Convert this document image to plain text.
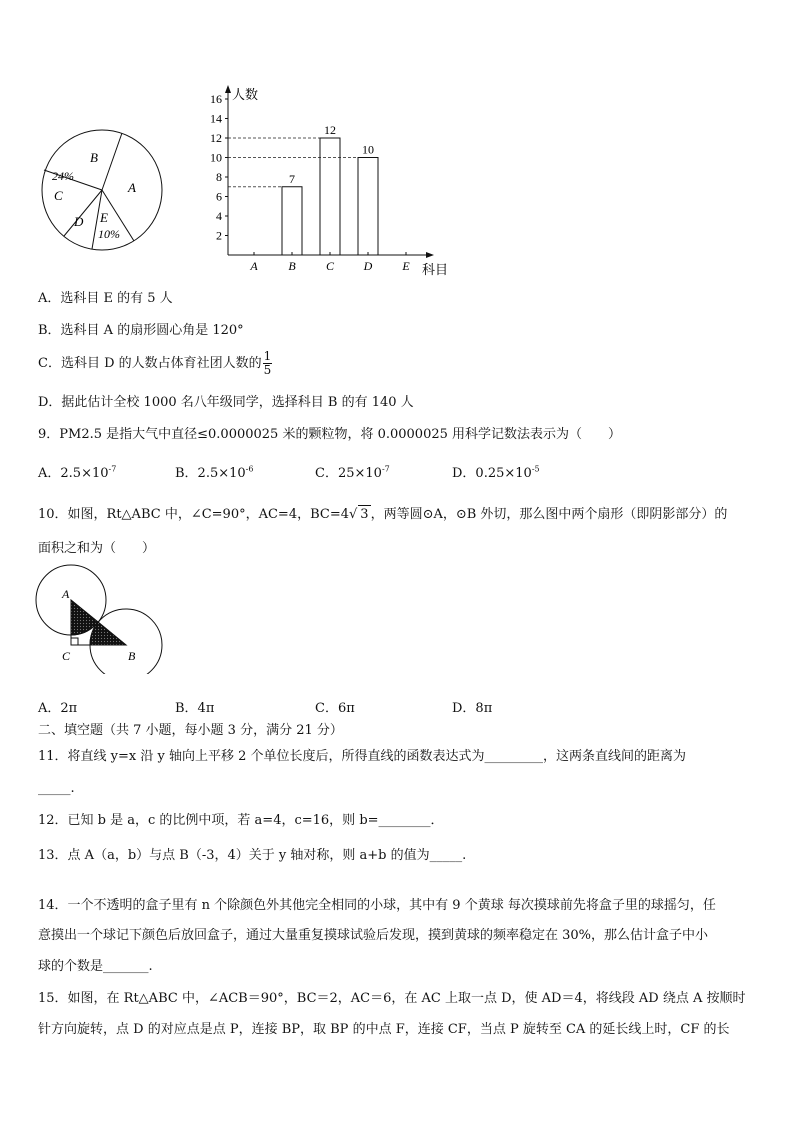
B
A
24%
C
D E
10%	2
4
6
8
10
12
14
16
7
12
10
A	B	C D E
人数
科目
A．选科目 E 的有 5 人
B．选科目 A 的扇形圆心角是 120°
C．选科目 D 的人数占体育社团人数的 $\frac{1}{5}$
D．据此估计全校 1000 名八年级同学，选择科目 B 的有 140 人
9．PM2.5 是指大气中直径≤0.0000025 米的颗粒物，将 0.0000025 用科学记数法表示为（　　）
A．$2.5\times 10^{-7}$	B．$2.5\times 10^{-6}$	C．$25\times 10^{-7}$	D．$0.25\times 10^{-5}$
10．如图，Rt△ABC 中，∠C=90°，AC=4，BC=4√ 3 ，两等圆⊙A，⊙B 外切，那么图中两个扇形（即阴影部分）的
面积之和为（　　）
A
C	B
A．2π	B．4π	C．6π	D．8π
二、填空题（共 7 小题，每小题 3 分，满分 21 分）
11．将直线 y=x 沿 y 轴向上平移 2 个单位长度后，所得直线的函数表达式为_________，这两条直线间的距离为
_____.
12．已知 b 是 a，c 的比例中项，若 a=4，c=16，则 b=________．
13．点 A（a，b）与点 B（-3，4）关于 y 轴对称，则 a+b 的值为_____.
14．一个不透明的盒子里有 n 个除颜色外其他完全相同的小球，其中有 9 个黄球 每次摸球前先将盒子里的球摇匀，任
意摸出一个球记下颜色后放回盒子，通过大量重复摸球试验后发现，摸到黄球的频率稳定在 30%，那么估计盒子中小
球的个数是_______.
15．如图，在 Rt△ABC 中，∠ACB＝90°，BC＝2，AC＝6，在 AC 上取一点 D，使 AD＝4，将线段 AD 绕点 A 按顺时
针方向旋转，点 D 的对应点是点 P，连接 BP，取 BP 的中点 F，连接 CF，当点 P 旋转至 CA 的延长线上时，CF 的长
